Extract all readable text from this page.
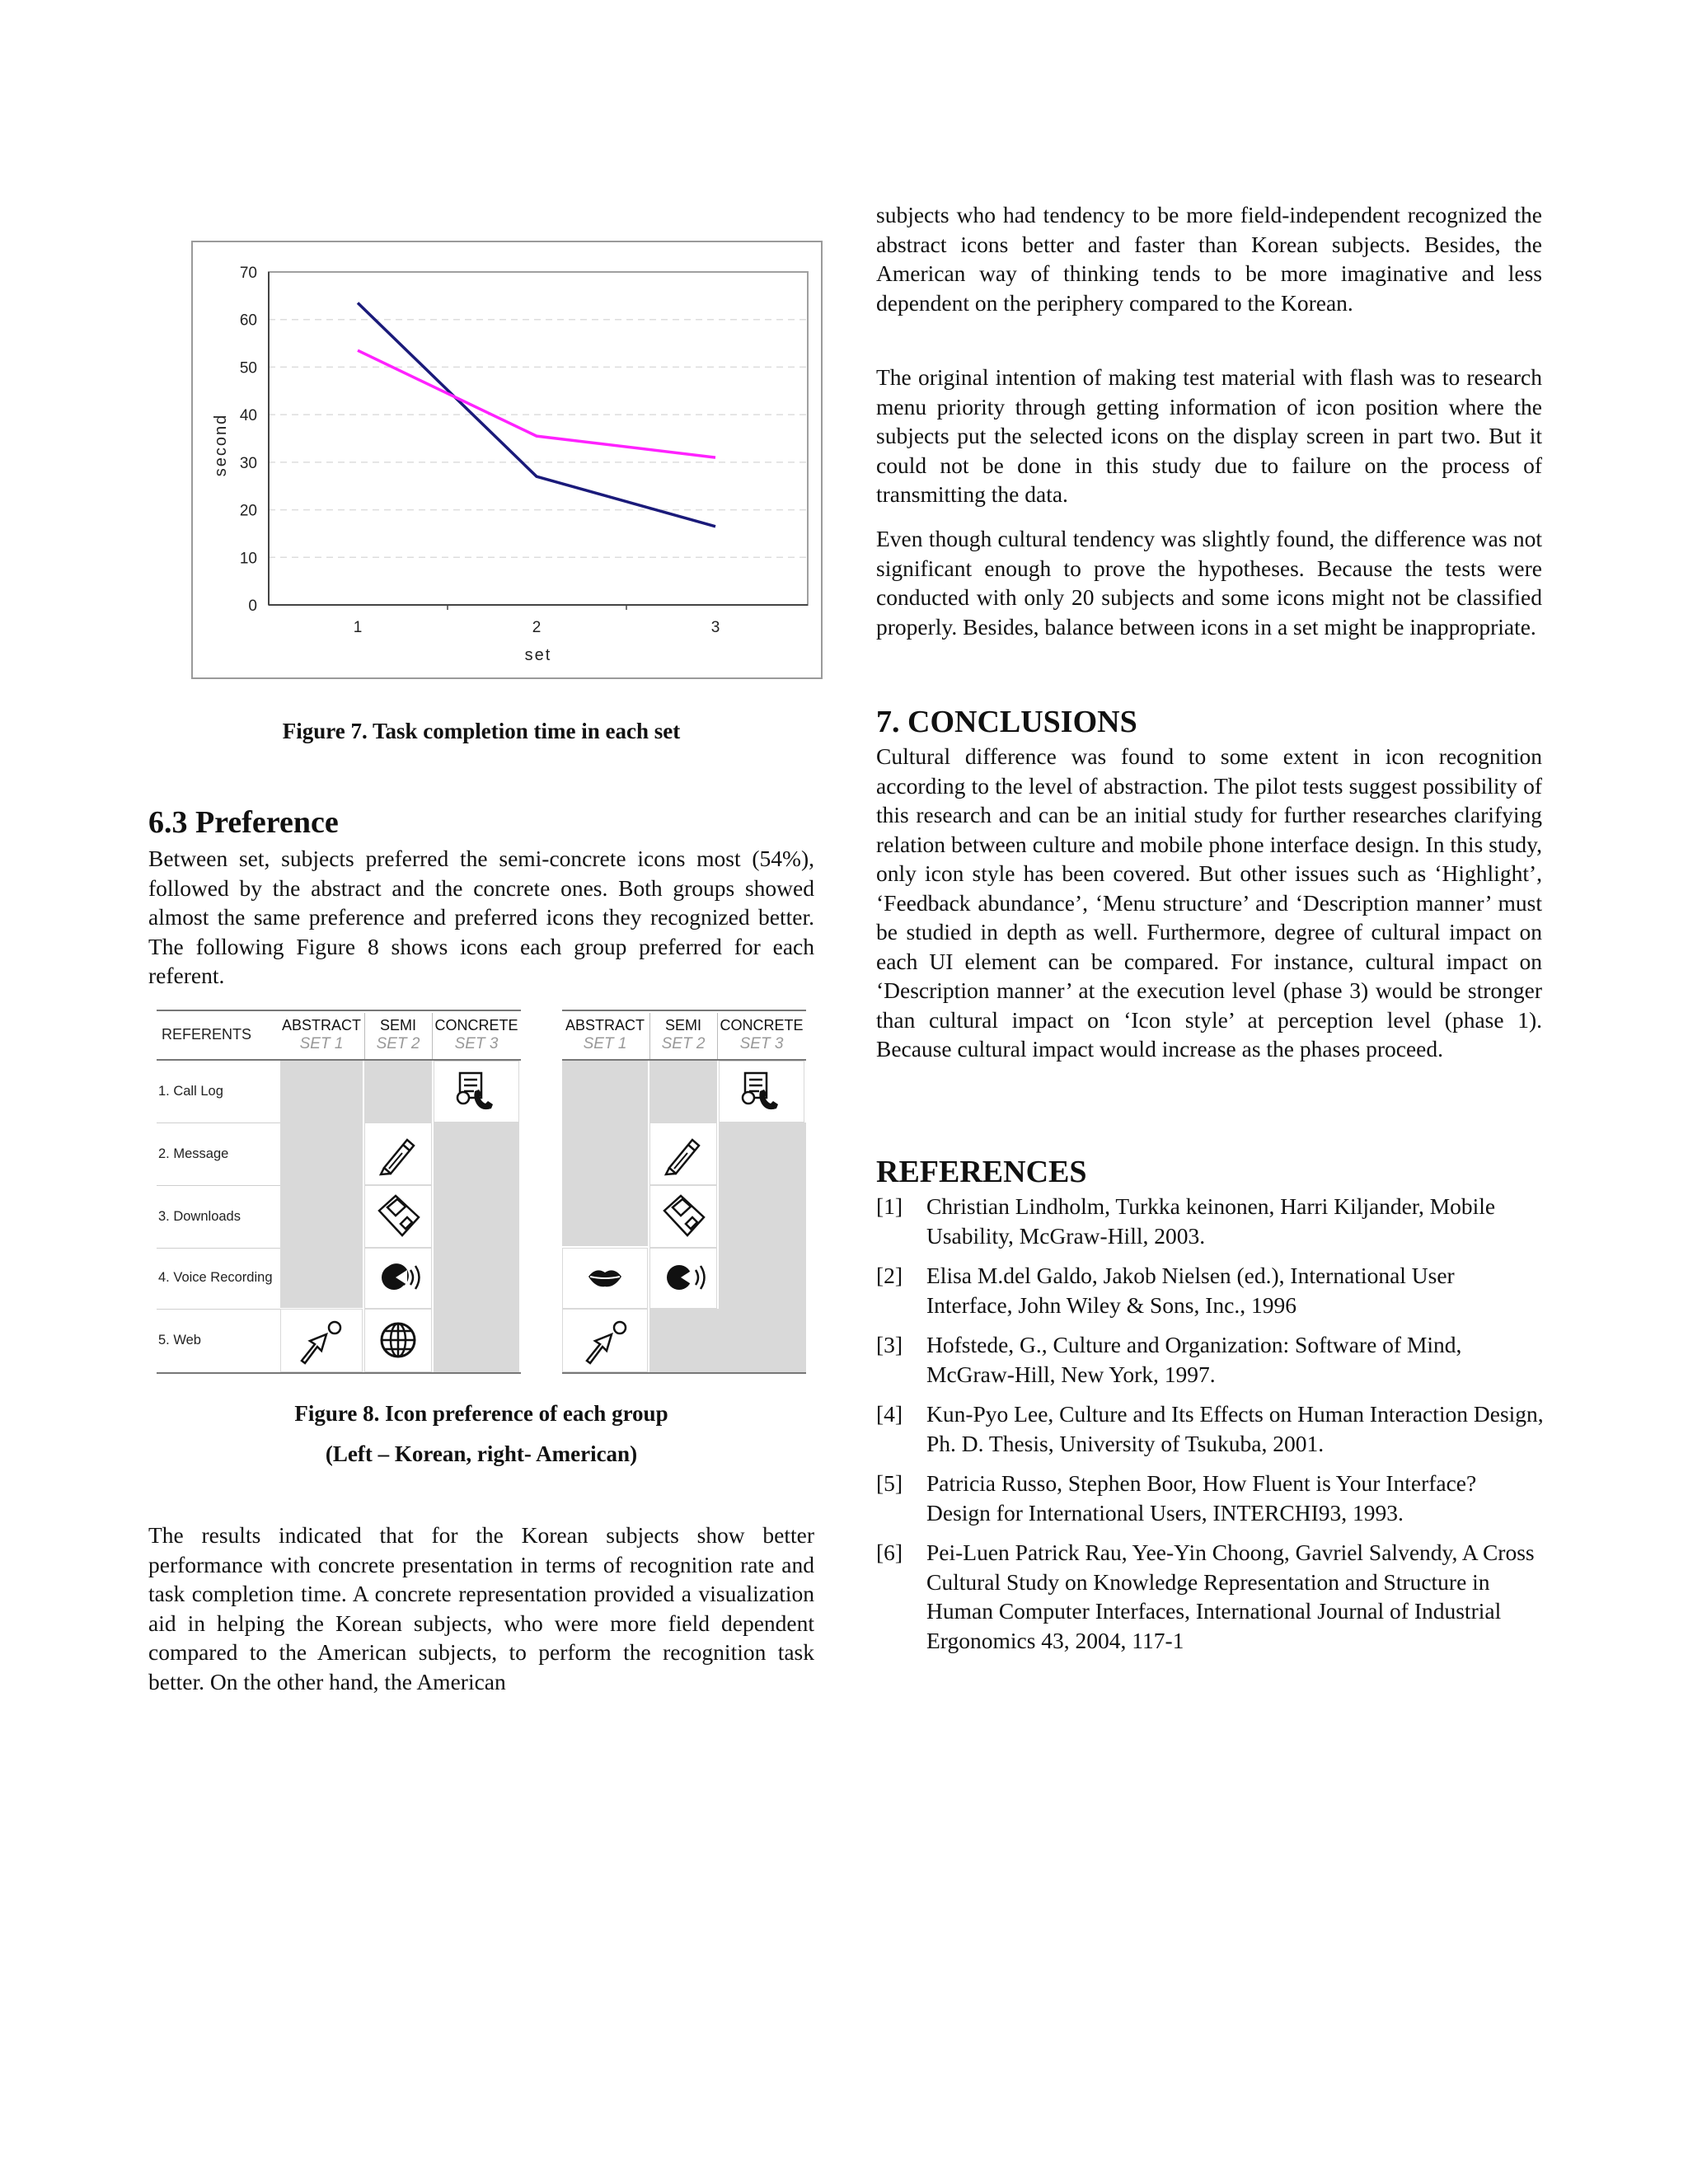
0
10
20
30
40
50
60
70
1	2	3
set
second
Figure 7. Task completion time in each set
6.3 Preference

Between set, subjects preferred the semi-concrete icons most (54%), followed by the abstract and the concrete ones. Both groups showed almost the same preference and preferred icons they recognized better. The following Figure 8 shows icons each group preferred for each referent.

REFERENTS
ABSTRACT
SET 1
SEMI
SET 2
CONCRETE
SET 3
1. Call Log
2. Message
3. Downloads
4. Voice Recording
5. Web
ABSTRACT
SET 1
SEMI
SET 2
CONCRETE
SET 3
Figure 8. Icon preference of each group
(Left – Korean, right- American)

The results indicated that for the Korean subjects show better performance with concrete presentation in terms of recognition rate and task completion time. A concrete representation provided a visualization aid in helping the Korean subjects, who were more field dependent compared to the American subjects, to perform the recognition task better. On the other hand, the American

subjects who had tendency to be more field-independent recognized the abstract icons better and faster than Korean subjects. Besides, the American way of thinking tends to be more imaginative and less dependent on the periphery compared to the Korean.

The original intention of making test material with flash was to research menu priority through getting information of icon position where the subjects put the selected icons on the display screen in part two. But it could not be done in this study due to failure on the process of transmitting the data.

Even though cultural tendency was slightly found, the difference was not significant enough to prove the hypotheses. Because the tests were conducted with only 20 subjects and some icons might not be classified properly. Besides, balance between icons in a set might be inappropriate.

7. CONCLUSIONS

Cultural difference was found to some extent in icon recognition according to the level of abstraction. The pilot tests suggest possibility of this research and can be an initial study for further researches clarifying relation between culture and mobile phone interface design. In this study, only icon style has been covered. But other issues such as ‘Highlight’, ‘Feedback abundance’, ‘Menu structure’ and ‘Description manner’ must be studied in depth as well. Furthermore, degree of cultural impact on each UI element can be compared. For instance, cultural impact on ‘Description manner’ at the execution level (phase 3) would be stronger than cultural impact on ‘Icon style’ at perception level (phase 1). Because cultural impact would increase as the phases proceed.

REFERENCES
[1] Christian Lindholm, Turkka keinonen, Harri Kiljander, Mobile Usability, McGraw-Hill, 2003.
[2] Elisa M.del Galdo, Jakob Nielsen (ed.), International User Interface, John Wiley & Sons, Inc., 1996
[3] Hofstede, G., Culture and Organization: Software of Mind, McGraw-Hill, New York, 1997.
[4] Kun-Pyo Lee, Culture and Its Effects on Human Interaction Design, Ph. D. Thesis, University of Tsukuba, 2001.
[5] Patricia Russo, Stephen Boor, How Fluent is Your Interface? Design for International Users, INTERCHI93, 1993.
[6] Pei-Luen Patrick Rau, Yee-Yin Choong, Gavriel Salvendy, A Cross Cultural Study on Knowledge Representation and Structure in Human Computer Interfaces, International Journal of Industrial Ergonomics 43, 2004, 117-1
